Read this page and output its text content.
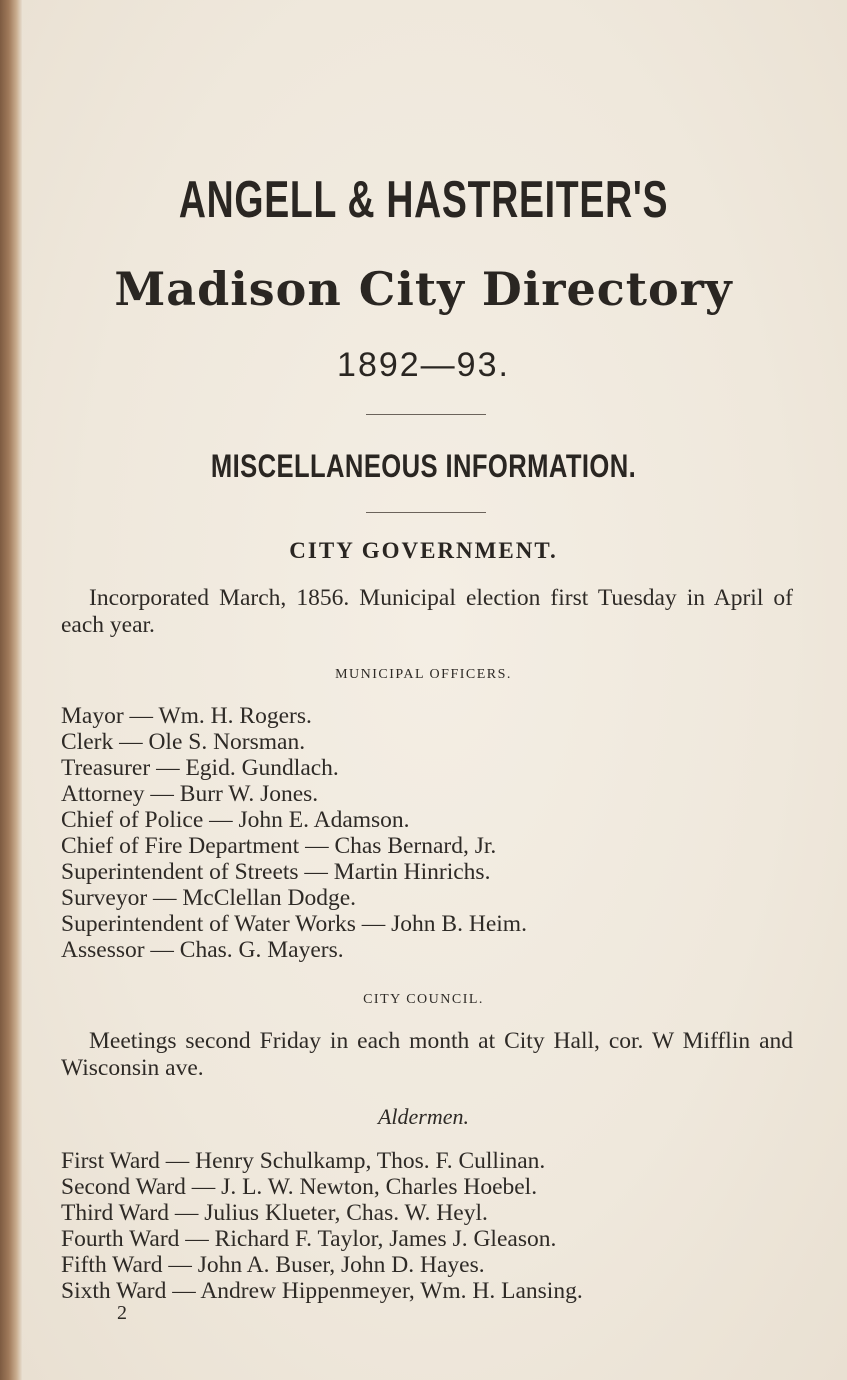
ANGELL & HASTREITER'S
Madison City Directory
1892—93.
MISCELLANEOUS INFORMATION.
CITY GOVERNMENT.

Incorporated March, 1856. Municipal election first Tuesday in April of each year.

MUNICIPAL OFFICERS.
Mayor — Wm. H. Rogers.
Clerk — Ole S. Norsman.
Treasurer — Egid. Gundlach.
Attorney — Burr W. Jones.
Chief of Police — John E. Adamson.
Chief of Fire Department — Chas Bernard, Jr.
Superintendent of Streets — Martin Hinrichs.
Surveyor — McClellan Dodge.
Superintendent of Water Works — John B. Heim.
Assessor — Chas. G. Mayers.
CITY COUNCIL.

Meetings second Friday in each month at City Hall, cor. W Mifflin and Wisconsin ave.

Aldermen.
First Ward — Henry Schulkamp, Thos. F. Cullinan.
Second Ward — J. L. W. Newton, Charles Hoebel.
Third Ward — Julius Klueter, Chas. W. Heyl.
Fourth Ward — Richard F. Taylor, James J. Gleason.
Fifth Ward — John A. Buser, John D. Hayes.
Sixth Ward — Andrew Hippenmeyer, Wm. H. Lansing.
2
